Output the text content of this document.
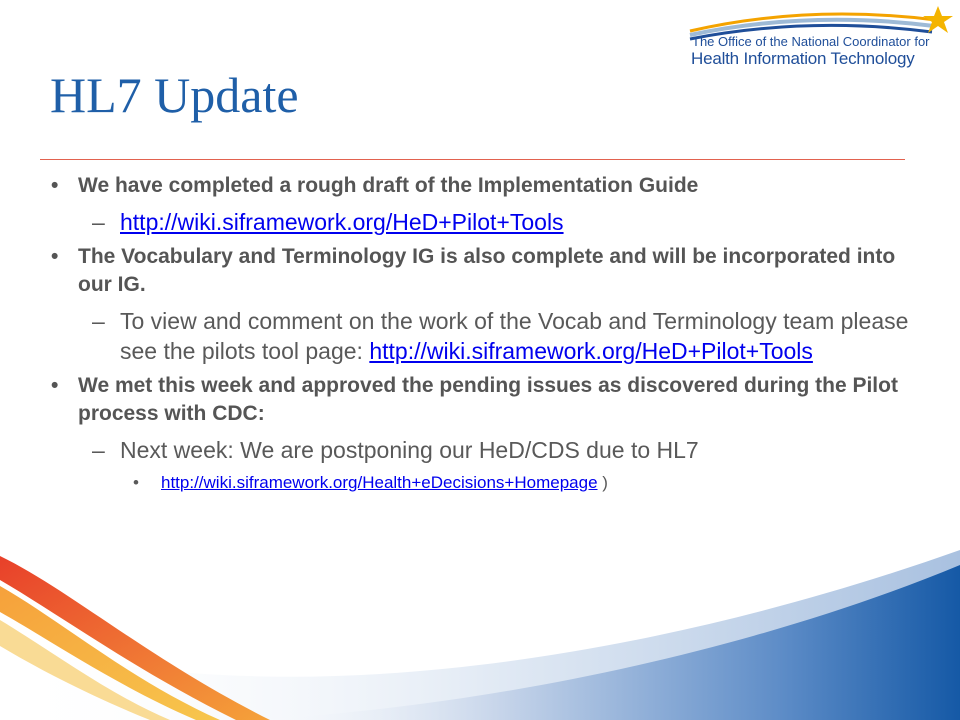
The Office of the National Coordinator for
Health Information Technology
HL7 Update
• We have completed a rough draft of the Implementation Guide
– http://wiki.siframework.org/HeD+Pilot+Tools
• The Vocabulary and Terminology IG is also complete and will be incorporated into our IG.
– To view and comment on the work of the Vocab and Terminology team please see the pilots tool page: http://wiki.siframework.org/HeD+Pilot+Tools
• We met this week and approved the pending issues as discovered during the Pilot process with CDC:
– Next week: We are postponing our HeD/CDS due to HL7
• http://wiki.siframework.org/Health+eDecisions+Homepage )
